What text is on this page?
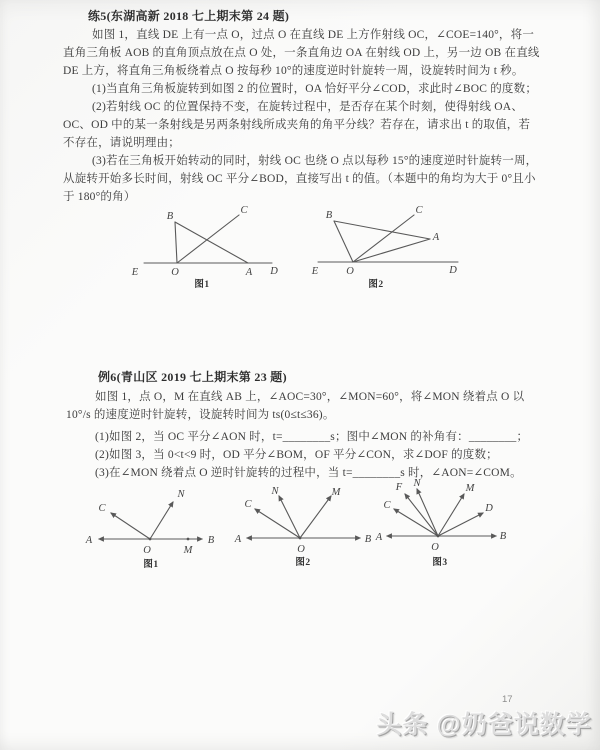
练5(东湖高新 2018 七上期末第 24 题)

如图 1，直线 DE 上有一点 O，过点 O 在直线 DE 上方作射线 OC，∠COE=140°，将一

直角三角板 AOB 的直角顶点放在点 O 处，一条直角边 OA 在射线 OD 上，另一边 OB 在直线

DE 上方，将直角三角板绕着点 O 按每秒 10°的速度逆时针旋转一周，设旋转时间为 t 秒。

(1)当直角三角板旋转到如图 2 的位置时，OA 恰好平分∠COD，求此时∠BOC 的度数；

(2)若射线 OC 的位置保持不变，在旋转过程中，是否存在某个时刻，使得射线 OA、

OC、OD 中的某一条射线是另两条射线所成夹角的角平分线？若存在，请求出 t 的取值，若

不存在，请说明理由；

(3)若在三角板开始转动的同时，射线 OC 也绕 O 点以每秒 15°的速度逆时针旋转一周，

从旋转开始多长时间，射线 OC 平分∠BOD，直接写出 t 的值。（本题中的角均为大于 0°且小

于 180°的角）

E	O	A D
B
C
图1
E	O	D
B	C
A
图2
例6(青山区 2019 七上期末第 23 题)

如图 1，点 O，M 在直线 AB 上，∠AOC=30°，∠MON=60°，将∠MON 绕着点 O 以

10°/s 的速度逆时针旋转，设旋转时间为 ts(0≤t≤36)。

(1)如图 2，当 OC 平分∠AON 时，t=________s；图中∠MON 的补角有：________；

(2)如图 3，当 0<t<9 时，OD 平分∠BOM，OF 平分∠CON，求∠DOF 的度数；

(3)在∠MON 绕着点 O 逆时针旋转的过程中，当 t=________s 时，∠AON=∠COM。

A	B
O	M
C
N
图1
A	B
O
C
N	M
图2
A	B
O
C
F N	M
D
图3
17
头条 @奶爸说数学
